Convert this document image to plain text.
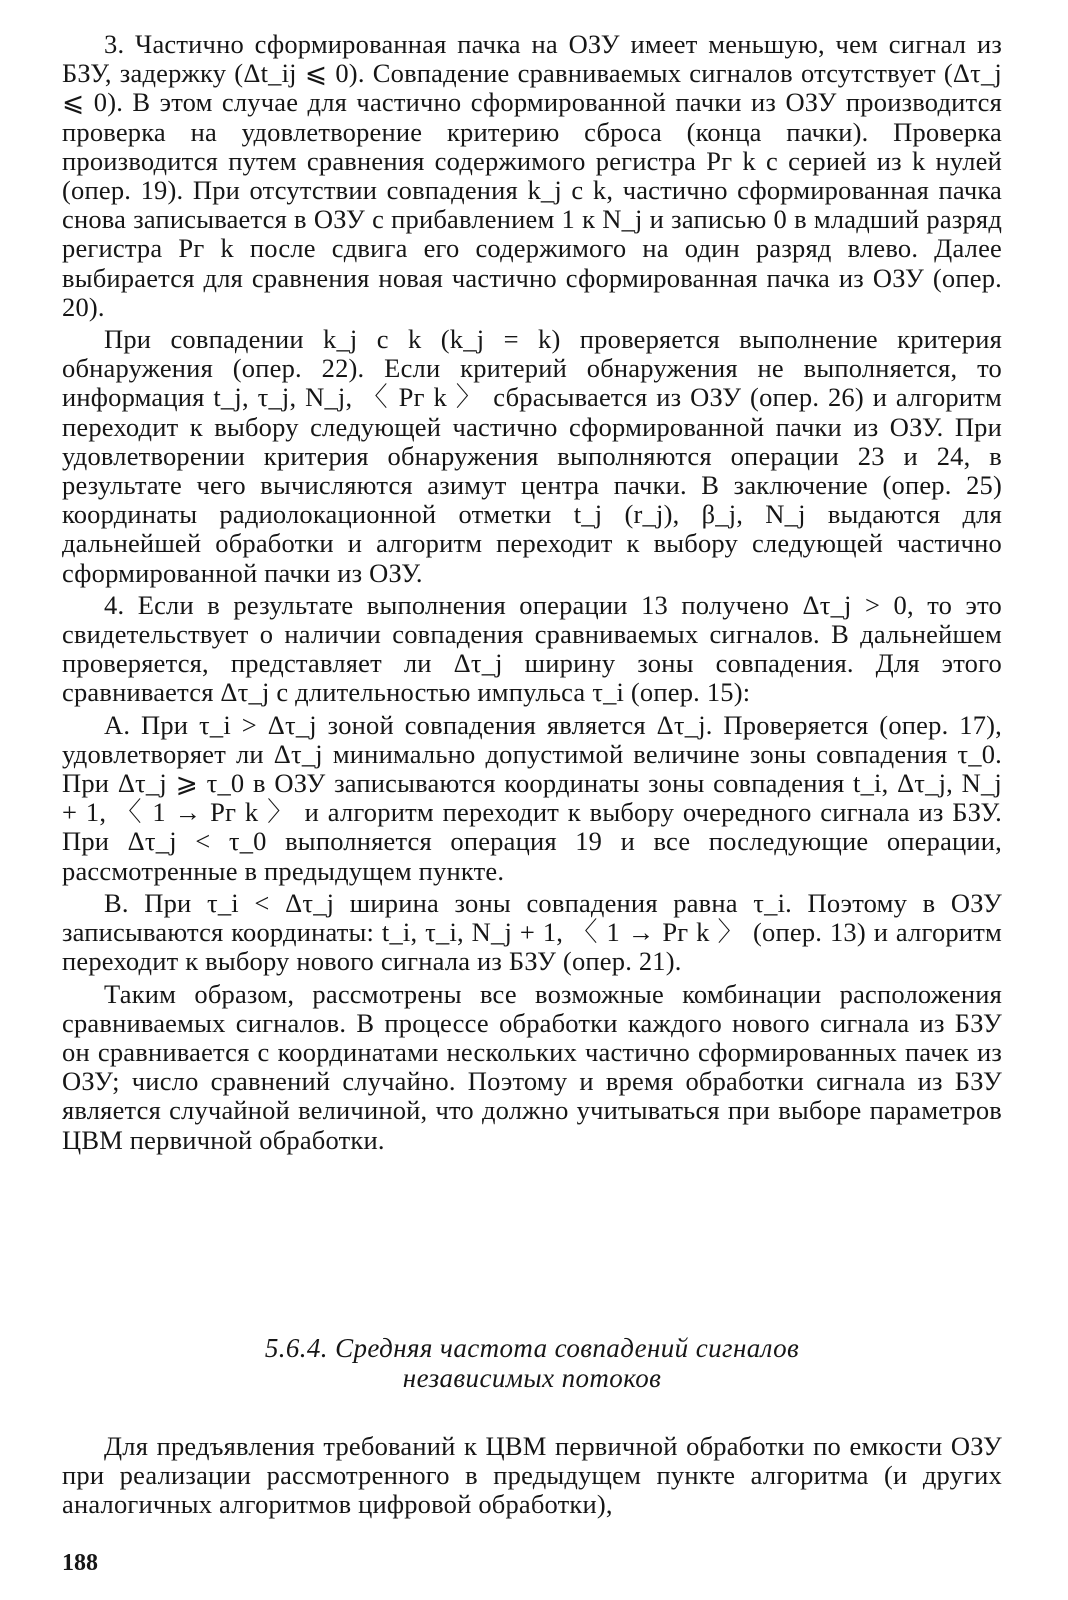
3. Частично сформированная пачка на ОЗУ имеет меньшую, чем сигнал из БЗУ, задержку (Δt_ij ⩽ 0). Совпадение сравниваемых сигналов отсутствует (Δτ_j ⩽ 0). В этом случае для частично сформированной пачки из ОЗУ производится проверка на удовлетворение критерию сброса (конца пачки). Проверка производится путем сравнения содержимого регистра Рг k с серией из k нулей (опер. 19). При отсутствии совпадения k_j с k, частично сформированная пачка снова записывается в ОЗУ с прибавлением 1 к N_j и записью 0 в младший разряд регистра Рг k после сдвига его содержимого на один разряд влево. Далее выбирается для сравнения новая частично сформированная пачка из ОЗУ (опер. 20).

При совпадении k_j с k (k_j = k) проверяется выполнение критерия обнаружения (опер. 22). Если критерий обнаружения не выполняется, то информация t_j, τ_j, N_j, 〈 Рг k 〉 сбрасывается из ОЗУ (опер. 26) и алгоритм переходит к выбору следующей частично сформированной пачки из ОЗУ. При удовлетворении критерия обнаружения выполняются операции 23 и 24, в результате чего вычисляются азимут центра пачки. В заключение (опер. 25) координаты радиолокационной отметки t_j (r_j), β_j, N_j выдаются для дальнейшей обработки и алгоритм переходит к выбору следующей частично сформированной пачки из ОЗУ.

4. Если в результате выполнения операции 13 получено Δτ_j > 0, то это свидетельствует о наличии совпадения сравниваемых сигналов. В дальнейшем проверяется, представляет ли Δτ_j ширину зоны совпадения. Для этого сравнивается Δτ_j с длительностью импульса τ_i (опер. 15):

А. При τ_i > Δτ_j зоной совпадения является Δτ_j. Проверяется (опер. 17), удовлетворяет ли Δτ_j минимально допустимой величине зоны совпадения τ_0. При Δτ_j ⩾ τ_0 в ОЗУ записываются координаты зоны совпадения t_i, Δτ_j, N_j + 1, 〈 1 → Рг k 〉 и алгоритм переходит к выбору очередного сигнала из БЗУ. При Δτ_j < τ_0 выполняется операция 19 и все последующие операции, рассмотренные в предыдущем пункте.

В. При τ_i < Δτ_j ширина зоны совпадения равна τ_i. Поэтому в ОЗУ записываются координаты: t_i, τ_i, N_j + 1, 〈 1 → Рг k 〉 (опер. 13) и алгоритм переходит к выбору нового сигнала из БЗУ (опер. 21).

Таким образом, рассмотрены все возможные комбинации расположения сравниваемых сигналов. В процессе обработки каждого нового сигнала из БЗУ он сравнивается с координатами нескольких частично сформированных пачек из ОЗУ; число сравнений случайно. Поэтому и время обработки сигнала из БЗУ является случайной величиной, что должно учитываться при выборе параметров ЦВМ первичной обработки.

5.6.4. Средняя частота совпадений сигналов
независимых потоков

Для предъявления требований к ЦВМ первичной обработки по емкости ОЗУ при реализации рассмотренного в предыдущем пункте алгоритма (и других аналогичных алгоритмов цифровой обработки),

188
